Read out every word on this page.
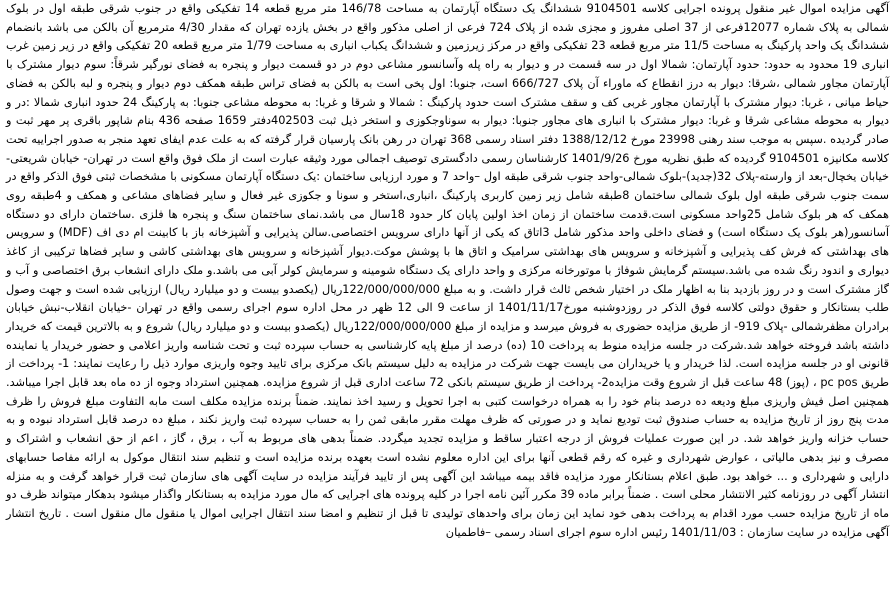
آگهی مزایده اموال غیر منقول پرونده اجرایی کلاسه 9104501 ششدانگ یک دستگاه آپارتمان به مساحت 146/78 متر مربع قطعه 14 تفکیکی واقع در جنوب شرقی طبقه اول در بلوک شمالی به پلاک شماره 12077فرعی از 37 اصلی مفروز و مجزی شده از پلاک 724 فرعی از اصلی مذکور واقع در بخش یازده تهران که مقدار 4/30 مترمربع آن بالکن می باشد بانضمام ششدانگ یک واحد پارکینگ به مساحت 11/5 متر مربع قطعه 23 تفکیکی واقع در مرکز زیرزمین و ششدانگ یکباب انباری به مساحت 1/79 متر مربع قطعه 20 تفکیکی واقع در زیر زمین غرب انباری 19 محدود به حدود: حدود آپارتمان: شمالا اول در سه قسمت در و دیوار به راه پله وآسانسور مشاعی دوم در دو قسمت دیوار و پنجره به فضای نورگیر شرقاً: سوم دیوار مشترک با آپارتمان مجاور شمالی ،شرقا: دیوار به درز انقطاع که ماوراء آن پلاک 666/727 است، جنوبا: اول پخی است به بالکن به فضای تراس طبقه همکف دوم دیوار و پنجره و لبه بالکن به فضای حیاط میانی ، غربا: دیوار مشترک با آپارتمان مجاور غربی کف و سقف مشترک است حدود پارکینگ : شمالا و شرقا و غربا: به محوطه مشاعی جنوبا: به پارکینگ 24 حدود انباری شمالا :در و دیوار به محوطه مشاعی شرقا و غربا: دیوار مشترک با انباری های مجاور جنوبا: دیوار به سوناوجکوزی و استخر ذیل ثبت 402503دفتر 1659 صفحه 436 بنام شاپور باقری پر مهر ثبت و صادر گردیده .سپس به موجب سند رهنی 23998 مورخ 1388/12/12 دفتر اسناد رسمی 368 تهران در رهن بانک پارسیان قرار گرفته که به علت عدم ایفای تعهد منجر به صدور اجراییه تحت کلاسه مکانیزه 9104501 گردیده که طبق نظریه مورخ 1401/9/26 کارشناسان رسمی دادگستری توصیف اجمالی مورد وثیقه عبارت است از ملک فوق واقع است در تهران- خیابان شریعتی-خیابان یخچال-بعد از وارسته-پلاک 32(جدید)-بلوک شمالی-واحد جنوب شرقی طبقه اول –واحد 7 و مورد ارزیابی ساختمان :یک دستگاه آپارتمان مسکونی با مشخصات ثبتی فوق الذکر واقع در سمت جنوب شرقی طبقه اول بلوک شمالی ساختمان 8طبقه شامل زیر زمین کاربری پارکینگ ،انباری،استخر و سونا و جکوزی غیر فعال و سایر فضاهای مشاعی و همکف و 4طبقه روی همکف که هر بلوک شامل 25واحد مسکونی است.قدمت ساختمان از زمان اخذ اولین پایان کار حدود 18سال می باشد.نمای ساختمان سنگ و پنجره ها فلزی .ساختمان دارای دو دستگاه آسانسور(هر بلوک یک دستگاه است) و فضای داخلی واحد مذکور شامل 3اتاق که یکی از آنها دارای سرویس اختصاصی.سالن پذیرایی و آشپزخانه باز با کابینت ام دی اف (MDF) و سرویس های بهداشتی که فرش کف پذیرایی و آشپزخانه و سرویس های بهداشتی سرامیک و اتاق ها با پوشش موکت.دیوار آشپزخانه و سرویس های بهداشتی کاشی و سایر فضاها ترکیبی از کاغذ دیواری و اندود رنگ شده می باشد.سیستم گرمایش شوفاژ با موتورخانه مرکزی و واحد دارای یک دستگاه شومینه و سرمایش کولر آبی می باشد.و ملک دارای انشعاب برق اختصاصی و آب و گاز مشترک است و در روز بازدید بنا به اظهار ملک در اختیار شخص ثالث قرار داشت. و به مبلغ 122/000/000/000ریال (یکصدو بیست و دو میلیارد ریال) ارزیابی شده است و جهت وصول طلب بستانکار و حقوق دولتی کلاسه فوق الذکر در روزدوشنبه مورخ1401/11/17 از ساعت 9 الی 12 ظهر در محل اداره سوم اجرای رسمی واقع در تهران -خیابان انقلاب-نبش خیابان برادران مظفرشمالی -پلاک 919- از طریق مزایده حضوری به فروش میرسد و مزایده از مبلغ 122/000/000/000ریال (یکصدو بیست و دو میلیارد ریال) شروع و به بالاترین قیمت که خریدار داشته باشد فروخته خواهد شد.شرکت در جلسه مزایده منوط به پرداخت 10 (ده) درصد از مبلغ پایه کارشناسی به حساب سپرده ثبت و تحت شناسه واریز اعلامی و حضور خریدار یا نماینده قانونی او در جلسه مزایده است. لذا خریدار و یا خریداران می بایست جهت شرکت در مزایده به دلیل سیستم بانک مرکزی برای تایید وجوه واریزی موارد ذیل را رعایت نمایند: 1- پرداخت از طریق pc pos ، (پوز) 48 ساعت قبل از شروع وقت مزایده2- پرداخت از طریق سیستم بانکی 72 ساعت اداری قبل از شروع مزایده. همچنین استرداد وجوه از ده ماه بعد قابل اجرا میباشد. همچنین اصل فیش واریزی مبلغ ودیعه ده درصد بنام خود را به همراه درخواست کتبی به اجرا تحویل و رسید اخذ نمایند. ضمناً برنده مزایده مکلف است مابه التفاوت مبلغ فروش را ظرف مدت پنج روز از تاریخ مزایده به حساب صندوق ثبت تودیع نماید و در صورتی که ظرف مهلت مقرر مابقی ثمن را به حساب سپرده ثبت واریز نکند ، مبلغ ده درصد قابل استرداد نبوده و به حساب خزانه واریز خواهد شد. در این صورت عملیات فروش از درجه اعتبار ساقط و مزایده تجدید میگردد. ضمناً بدهی های مربوط به آب ، برق ، گاز ، اعم از حق انشعاب و اشتراک و مصرف و نیز بدهی مالیاتی ، عوارض شهرداری و غیره که رقم قطعی آنها برای این اداره معلوم نشده است بعهده برنده مزایده است و تنظیم سند انتقال موکول به ارائه مفاصا حسابهای دارایی و شهرداری و ... خواهد بود. طبق اعلام بستانکار مورد مزایده فاقد بیمه میباشد این آگهی پس از تایید فرآیند مزایده در سایت آگهی های سازمان ثبت قرار خواهد گرفت و به منزله انتشار آگهی در روزنامه کثیر الانتشار محلی است . ضمناً برابر ماده 39 مکرر آئین نامه اجرا در کلیه پرونده های اجرایی که مال مورد مزایده به بستانکار واگذار میشود بدهکار میتواند ظرف دو ماه از تاریخ مزایده حسب مورد اقدام به پرداخت بدهی خود نماید این زمان برای واحدهای تولیدی تا قبل از تنظیم و امضا سند انتقال اجرایی اموال یا منقول مال منقول است . تاریخ انتشار آگهی مزایده در سایت سازمان : 1401/11/03 رئیس اداره سوم اجرای اسناد رسمی –فاطمیان
